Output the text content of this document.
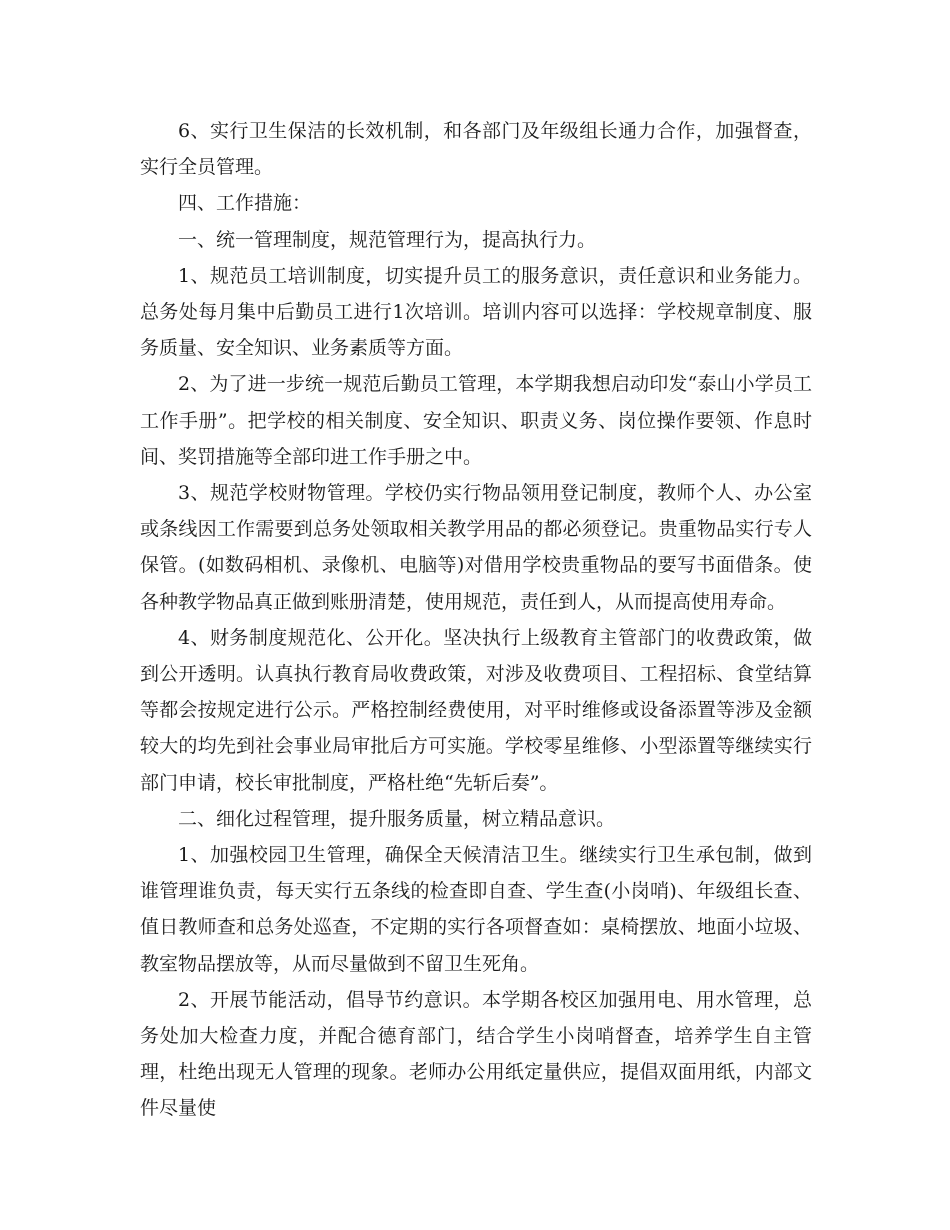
6、实行卫生保洁的长效机制，和各部门及年级组长通力合作，加强督查，实行全员管理。

四、工作措施：

一、统一管理制度，规范管理行为，提高执行力。

1、规范员工培训制度，切实提升员工的服务意识，责任意识和业务能力。总务处每月集中后勤员工进行1次培训。培训内容可以选择：学校规章制度、服务质量、安全知识、业务素质等方面。

2、为了进一步统一规范后勤员工管理，本学期我想启动印发“泰山小学员工工作手册”。把学校的相关制度、安全知识、职责义务、岗位操作要领、作息时间、奖罚措施等全部印进工作手册之中。

3、规范学校财物管理。学校仍实行物品领用登记制度，教师个人、办公室或条线因工作需要到总务处领取相关教学用品的都必须登记。贵重物品实行专人保管。(如数码相机、录像机、电脑等)对借用学校贵重物品的要写书面借条。使各种教学物品真正做到账册清楚，使用规范，责任到人，从而提高使用寿命。

4、财务制度规范化、公开化。坚决执行上级教育主管部门的收费政策，做到公开透明。认真执行教育局收费政策，对涉及收费项目、工程招标、食堂结算等都会按规定进行公示。严格控制经费使用，对平时维修或设备添置等涉及金额较大的均先到社会事业局审批后方可实施。学校零星维修、小型添置等继续实行部门申请，校长审批制度，严格杜绝“先斩后奏”。

二、细化过程管理，提升服务质量，树立精品意识。

1、加强校园卫生管理，确保全天候清洁卫生。继续实行卫生承包制，做到谁管理谁负责，每天实行五条线的检查即自查、学生查(小岗哨)、年级组长查、值日教师查和总务处巡查，不定期的实行各项督查如：桌椅摆放、地面小垃圾、教室物品摆放等，从而尽量做到不留卫生死角。

2、开展节能活动，倡导节约意识。本学期各校区加强用电、用水管理，总务处加大检查力度，并配合德育部门，结合学生小岗哨督查，培养学生自主管理，杜绝出现无人管理的现象。老师办公用纸定量供应，提倡双面用纸，内部文件尽量使
